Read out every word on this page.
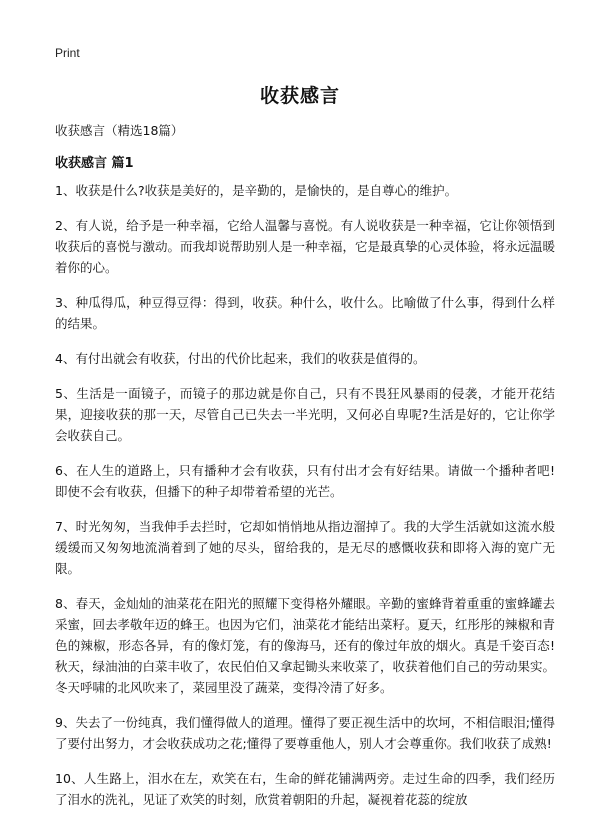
Print
收获感言
收获感言（精选18篇）
收获感言 篇1

1、收获是什么?收获是美好的，是辛勤的，是愉快的，是自尊心的维护。

2、有人说，给予是一种幸福，它给人温馨与喜悦。有人说收获是一种幸福，它让你领悟到收获后的喜悦与激动。而我却说帮助别人是一种幸福，它是最真挚的心灵体验，将永远温暖着你的心。

3、种瓜得瓜，种豆得豆得：得到，收获。种什么，收什么。比喻做了什么事，得到什么样的结果。

4、有付出就会有收获，付出的代价比起来，我们的收获是值得的。

5、生活是一面镜子，而镜子的那边就是你自己，只有不畏狂风暴雨的侵袭，才能开花结果，迎接收获的那一天，尽管自己已失去一半光明，又何必自卑呢?生活是好的，它让你学会收获自己。

6、在人生的道路上，只有播种才会有收获，只有付出才会有好结果。请做一个播种者吧!即使不会有收获，但播下的种子却带着希望的光芒。

7、时光匆匆，当我伸手去拦时，它却如悄悄地从指边溜掉了。我的大学生活就如这流水般缓缓而又匆匆地流淌着到了她的尽头，留给我的，是无尽的感慨收获和即将入海的宽广无限。

8、春天，金灿灿的油菜花在阳光的照耀下变得格外耀眼。辛勤的蜜蜂背着重重的蜜蜂罐去采蜜，回去孝敬年迈的蜂王。也因为它们，油菜花才能结出菜籽。夏天，红彤彤的辣椒和青色的辣椒，形态各异，有的像灯笼，有的像海马，还有的像过年放的烟火。真是千姿百态!秋天，绿油油的白菜丰收了，农民伯伯又拿起锄头来收菜了，收获着他们自己的劳动果实。冬天呼啸的北风吹来了，菜园里没了蔬菜，变得冷清了好多。

9、失去了一份纯真，我们懂得做人的道理。懂得了要正视生活中的坎坷，不相信眼泪;懂得了要付出努力，才会收获成功之花;懂得了要尊重他人，别人才会尊重你。我们收获了成熟!

10、人生路上，泪水在左，欢笑在右，生命的鲜花铺满两旁。走过生命的四季，我们经历了泪水的洗礼，见证了欢笑的时刻，欣赏着朝阳的升起，凝视着花蕊的绽放
